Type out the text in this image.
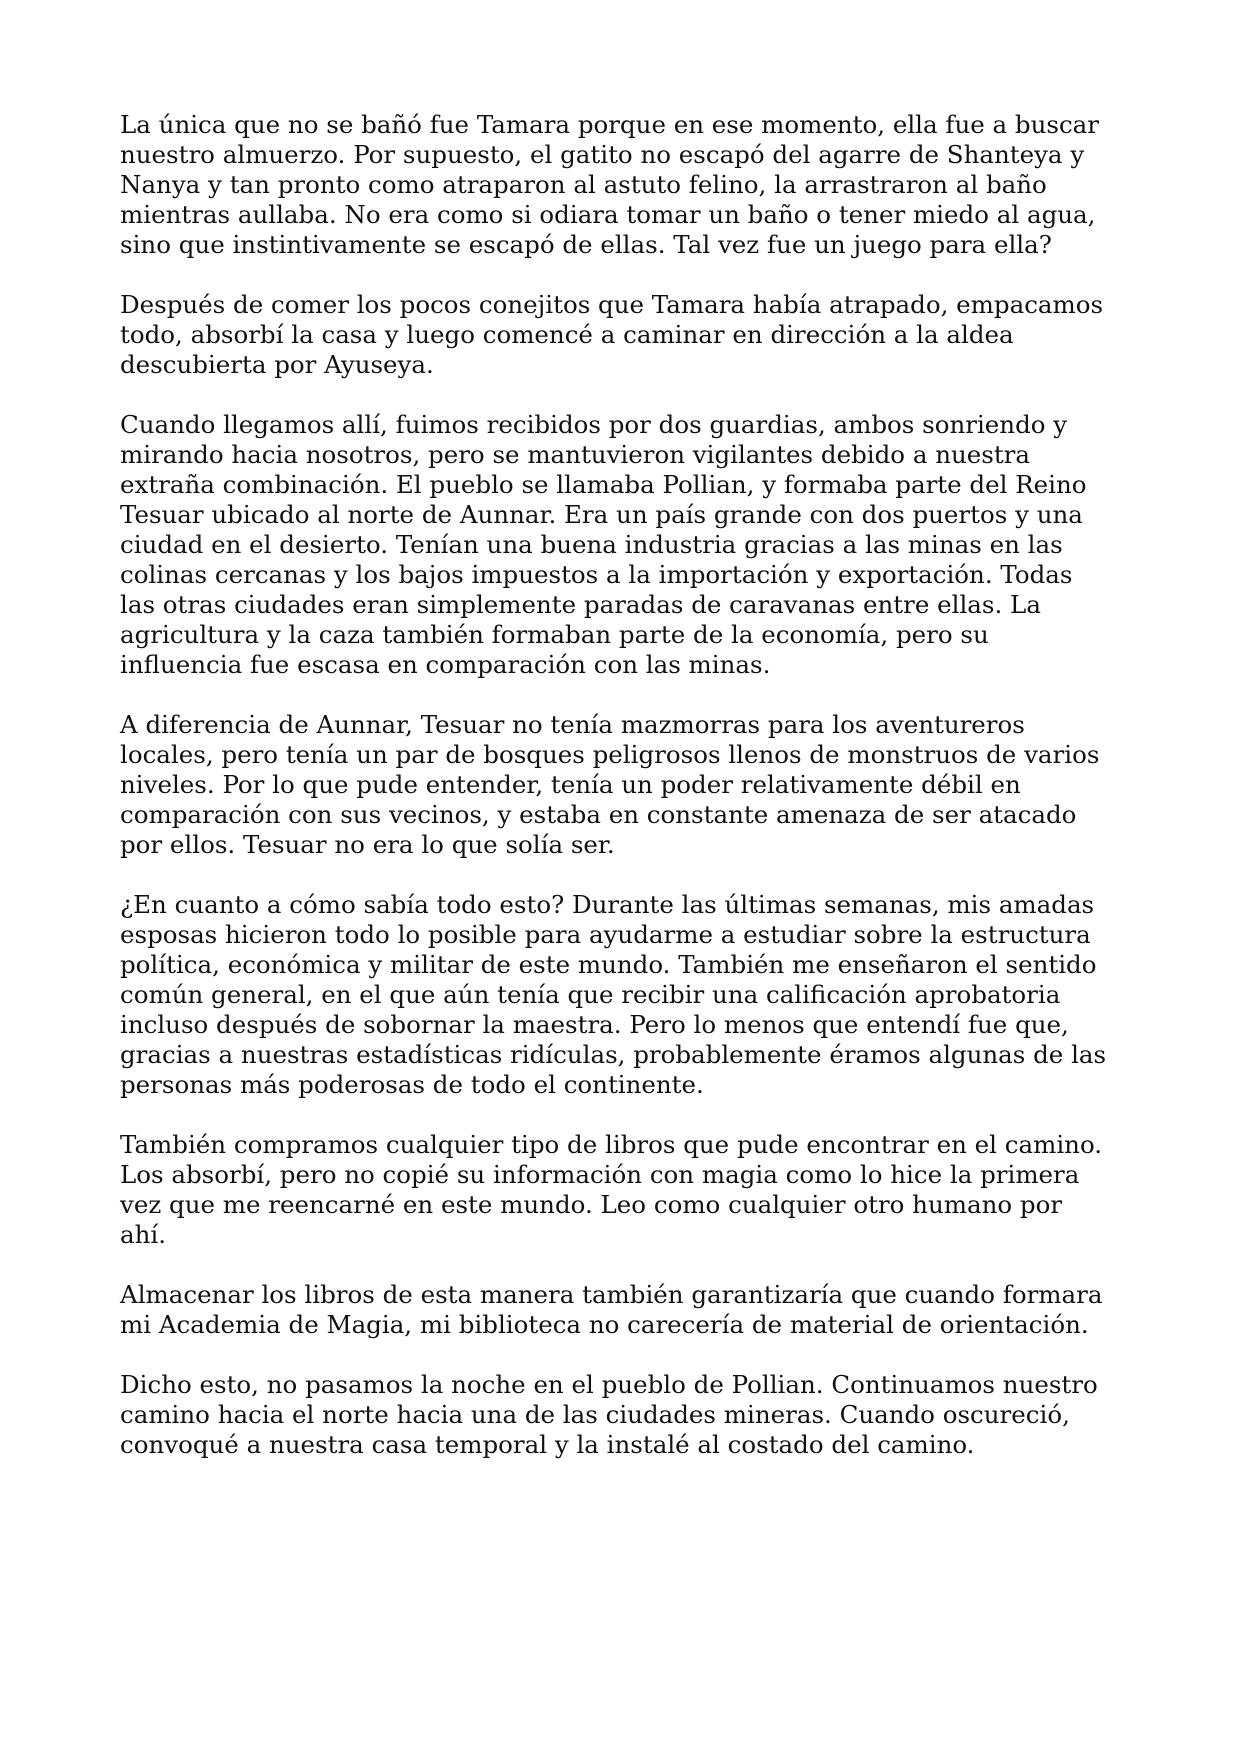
La única que no se bañó fue Tamara porque en ese momento, ella fue a buscar nuestro almuerzo. Por supuesto, el gatito no escapó del agarre de Shanteya y Nanya y tan pronto como atraparon al astuto felino, la arrastraron al baño mientras aullaba. No era como si odiara tomar un baño o tener miedo al agua, sino que instintivamente se escapó de ellas. Tal vez fue un juego para ella?

Después de comer los pocos conejitos que Tamara había atrapado, empacamos todo, absorbí la casa y luego comencé a caminar en dirección a la aldea descubierta por Ayuseya.

Cuando llegamos allí, fuimos recibidos por dos guardias, ambos sonriendo y mirando hacia nosotros, pero se mantuvieron vigilantes debido a nuestra extraña combinación. El pueblo se llamaba Pollian, y formaba parte del Reino Tesuar ubicado al norte de Aunnar. Era un país grande con dos puertos y una ciudad en el desierto. Tenían una buena industria gracias a las minas en las colinas cercanas y los bajos impuestos a la importación y exportación. Todas las otras ciudades eran simplemente paradas de caravanas entre ellas. La agricultura y la caza también formaban parte de la economía, pero su influencia fue escasa en comparación con las minas.

A diferencia de Aunnar, Tesuar no tenía mazmorras para los aventureros locales, pero tenía un par de bosques peligrosos llenos de monstruos de varios niveles. Por lo que pude entender, tenía un poder relativamente débil en comparación con sus vecinos, y estaba en constante amenaza de ser atacado por ellos. Tesuar no era lo que solía ser.

¿En cuanto a cómo sabía todo esto? Durante las últimas semanas, mis amadas esposas hicieron todo lo posible para ayudarme a estudiar sobre la estructura política, económica y militar de este mundo. También me enseñaron el sentido común general, en el que aún tenía que recibir una calificación aprobatoria incluso después de sobornar la maestra. Pero lo menos que entendí fue que, gracias a nuestras estadísticas ridículas, probablemente éramos algunas de las personas más poderosas de todo el continente.

También compramos cualquier tipo de libros que pude encontrar en el camino. Los absorbí, pero no copié su información con magia como lo hice la primera vez que me reencarné en este mundo. Leo como cualquier otro humano por ahí.

Almacenar los libros de esta manera también garantizaría que cuando formara mi Academia de Magia, mi biblioteca no carecería de material de orientación.

Dicho esto, no pasamos la noche en el pueblo de Pollian. Continuamos nuestro camino hacia el norte hacia una de las ciudades mineras. Cuando oscureció, convoqué a nuestra casa temporal y la instalé al costado del camino.
